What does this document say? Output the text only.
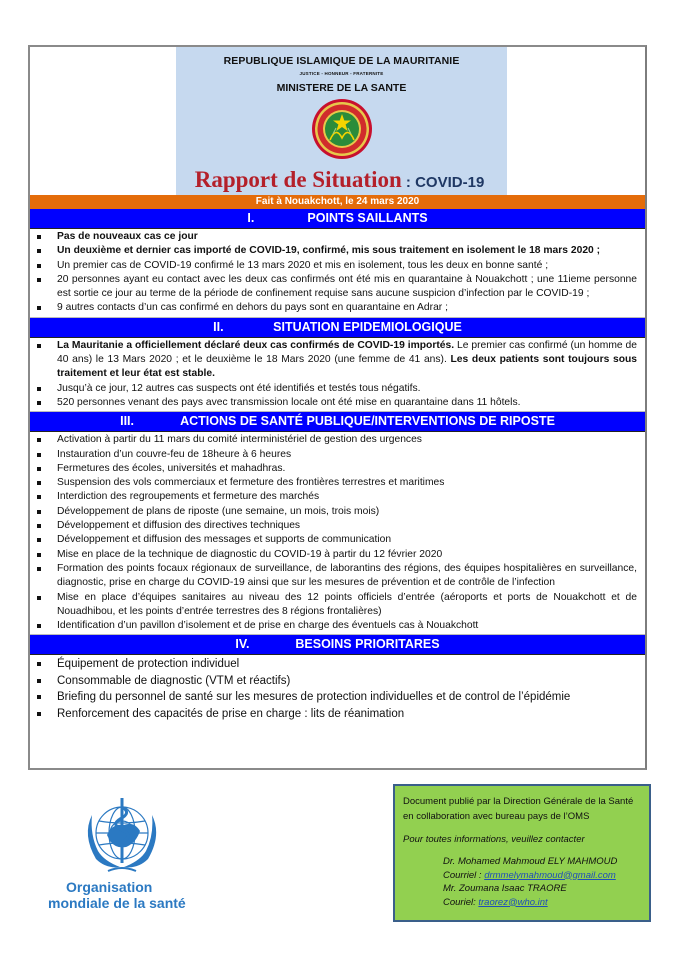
REPUBLIQUE ISLAMIQUE DE LA MAURITANIE
JUSTICE - HONNEUR - FRATERNITE
MINISTERE DE LA SANTE
Rapport de Situation : COVID-19
Fait à Nouakchott, le 24 mars 2020
I.	POINTS SAILLANTS
Pas de nouveaux cas ce jour
Un deuxième et dernier cas importé de COVID-19, confirmé, mis sous traitement en isolement le 18 mars 2020 ;
Un premier cas de COVID-19 confirmé le 13 mars 2020 et mis en isolement, tous les deux en bonne santé ;
20 personnes ayant eu contact avec les deux cas confirmés ont été mis en quarantaine à Nouakchott ; une 11ieme personne est sortie ce jour au terme de la période de confinement requise sans aucune suspicion d’infection par le COVID-19 ;
9 autres contacts d’un cas confirmé en dehors du pays sont en quarantaine en Adrar ;
II.	SITUATION EPIDEMIOLOGIQUE
La Mauritanie a officiellement déclaré deux cas confirmés de COVID-19 importés. Le premier cas confirmé (un homme de 40 ans) le 13 Mars 2020 ; et le deuxième le 18 Mars 2020 (une femme de 41 ans). Les deux patients sont toujours sous traitement et leur état est stable.
Jusqu’à ce jour, 12 autres cas suspects ont été identifiés et testés tous négatifs.
520 personnes venant des pays avec transmission locale ont été mise en quarantaine dans 11 hôtels.
III.	ACTIONS DE SANTÉ PUBLIQUE/INTERVENTIONS DE RIPOSTE
Activation à partir du 11 mars du comité interministériel de gestion des urgences
Instauration d’un couvre-feu de 18heure à 6 heures
Fermetures des écoles, universités et mahadhras.
Suspension des vols commerciaux et fermeture des frontières terrestres et maritimes
Interdiction des regroupements et fermeture des marchés
Développement de plans de riposte (une semaine, un mois, trois mois)
Développement et diffusion des directives techniques
Développement et diffusion des messages et supports de communication
Mise en place de la technique de diagnostic du COVID-19 à partir du 12 février 2020
Formation des points focaux régionaux de surveillance, de laborantins des régions, des équipes hospitalières en surveillance, diagnostic, prise en charge du COVID-19 ainsi que sur les mesures de prévention et de contrôle de l’infection
Mise en place d’équipes sanitaires au niveau des 12 points officiels d’entrée (aéroports et ports de Nouakchott et de Nouadhibou, et les points d’entrée terrestres des 8 régions frontalières)
Identification d’un pavillon d’isolement et de prise en charge des éventuels cas à Nouakchott
IV.	BESOINS PRIORITARES
Équipement de protection individuel
Consommable de diagnostic (VTM et réactifs)
Briefing du personnel de santé sur les mesures de protection individuelles et de control de l’épidémie
Renforcement des capacités de prise en charge : lits de réanimation
Organisation
mondiale de la santé
Document publié par la Direction Générale de la Santé en collaboration avec bureau pays de l’OMS
Pour toutes informations, veuillez contacter
Dr. Mohamed Mahmoud ELY MAHMOUD
Courriel : drmmelymahmoud@gmail.com
Mr. Zoumana Isaac TRAORE
Couriel: traorez@who.int
